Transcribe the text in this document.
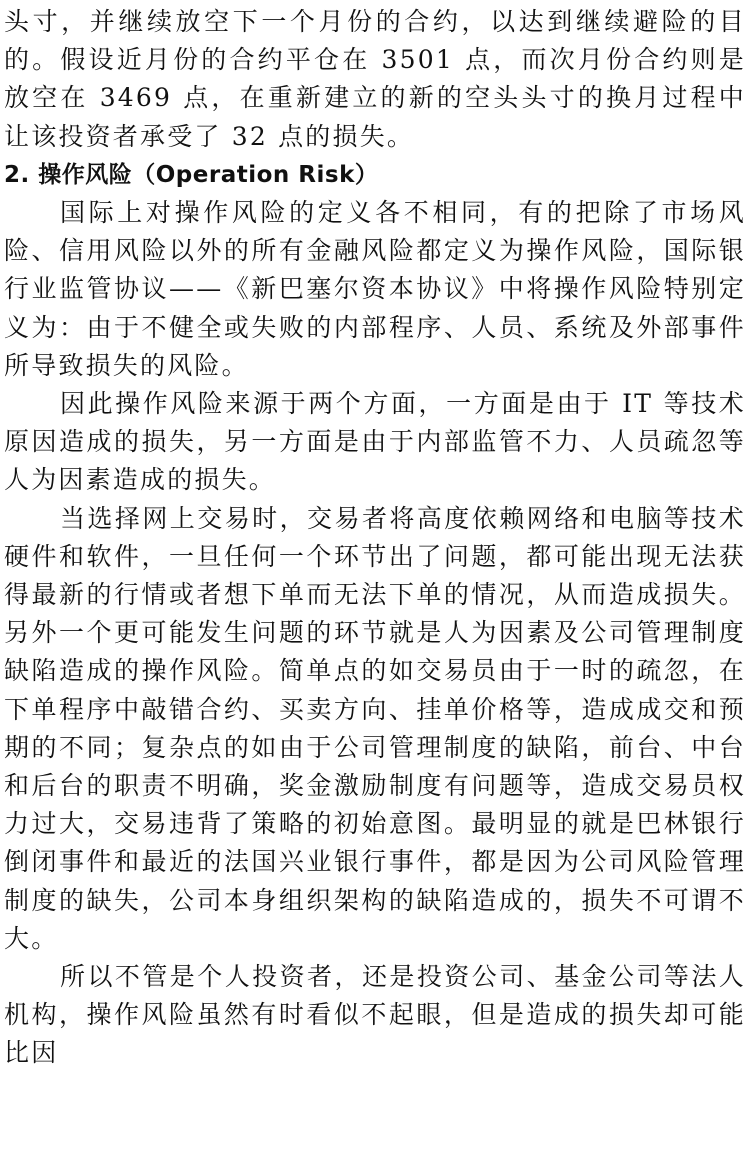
头寸，并继续放空下一个月份的合约，以达到继续避险的目的。假设近月份的合约平仓在 3501 点，而次月份合约则是放空在 3469 点，在重新建立的新的空头头寸的换月过程中让该投资者承受了 32 点的损失。

2. 操作风险（Operation Risk）

国际上对操作风险的定义各不相同，有的把除了市场风险、信用风险以外的所有金融风险都定义为操作风险，国际银行业监管协议——《新巴塞尔资本协议》中将操作风险特别定义为：由于不健全或失败的内部程序、人员、系统及外部事件所导致损失的风险。

因此操作风险来源于两个方面，一方面是由于 IT 等技术原因造成的损失，另一方面是由于内部监管不力、人员疏忽等人为因素造成的损失。

当选择网上交易时，交易者将高度依赖网络和电脑等技术硬件和软件，一旦任何一个环节出了问题，都可能出现无法获得最新的行情或者想下单而无法下单的情况，从而造成损失。另外一个更可能发生问题的环节就是人为因素及公司管理制度缺陷造成的操作风险。简单点的如交易员由于一时的疏忽，在下单程序中敲错合约、买卖方向、挂单价格等，造成成交和预期的不同；复杂点的如由于公司管理制度的缺陷，前台、中台和后台的职责不明确，奖金激励制度有问题等，造成交易员权力过大，交易违背了策略的初始意图。最明显的就是巴林银行倒闭事件和最近的法国兴业银行事件，都是因为公司风险管理制度的缺失，公司本身组织架构的缺陷造成的，损失不可谓不大。

所以不管是个人投资者，还是投资公司、基金公司等法人机构，操作风险虽然有时看似不起眼，但是造成的损失却可能比因
